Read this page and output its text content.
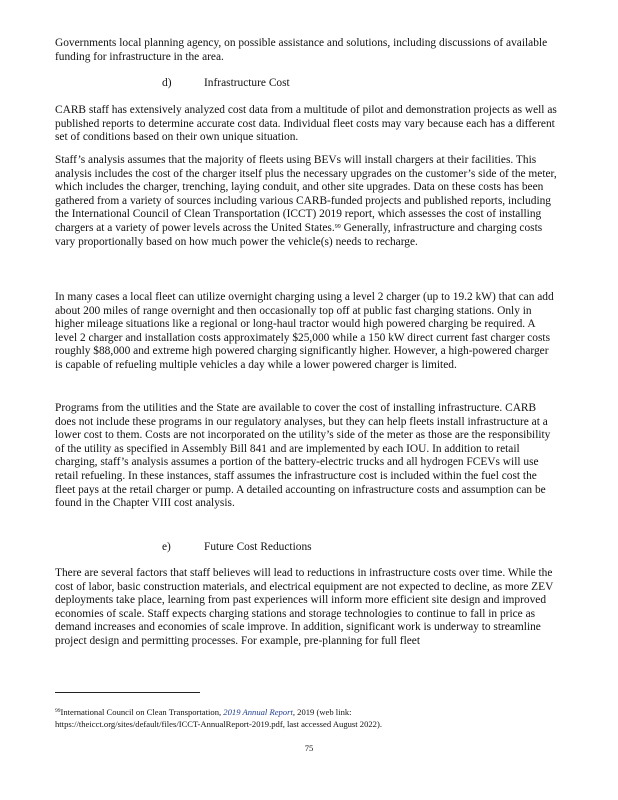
Governments local planning agency, on possible assistance and solutions, including discussions of available funding for infrastructure in the area.

d)	Infrastructure Cost

CARB staff has extensively analyzed cost data from a multitude of pilot and demonstration projects as well as published reports to determine accurate cost data. Individual fleet costs may vary because each has a different set of conditions based on their own unique situation.

Staff’s analysis assumes that the majority of fleets using BEVs will install chargers at their facilities. This analysis includes the cost of the charger itself plus the necessary upgrades on the customer’s side of the meter, which includes the charger, trenching, laying conduit, and other site upgrades. Data on these costs has been gathered from a variety of sources including various CARB-funded projects and published reports, including the International Council of Clean Transportation (ICCT) 2019 report, which assesses the cost of installing chargers at a variety of power levels across the United States.$^{99}$ Generally, infrastructure and charging costs vary proportionally based on how much power the vehicle(s) needs to recharge.

In many cases a local fleet can utilize overnight charging using a level 2 charger (up to 19.2 kW) that can add about 200 miles of range overnight and then occasionally top off at public fast charging stations. Only in higher mileage situations like a regional or long-haul tractor would high powered charging be required. A level 2 charger and installation costs approximately $25,000 while a 150 kW direct current fast charger costs roughly $88,000 and extreme high powered charging significantly higher. However, a high-powered charger is capable of refueling multiple vehicles a day while a lower powered charger is limited.

Programs from the utilities and the State are available to cover the cost of installing infrastructure. CARB does not include these programs in our regulatory analyses, but they can help fleets install infrastructure at a lower cost to them. Costs are not incorporated on the utility’s side of the meter as those are the responsibility of the utility as specified in Assembly Bill 841 and are implemented by each IOU. In addition to retail charging, staff’s analysis assumes a portion of the battery-electric trucks and all hydrogen FCEVs will use retail refueling. In these instances, staff assumes the infrastructure cost is included within the fuel cost the fleet pays at the retail charger or pump. A detailed accounting on infrastructure costs and assumption can be found in the Chapter VIII cost analysis.

e)	Future Cost Reductions

There are several factors that staff believes will lead to reductions in infrastructure costs over time. While the cost of labor, basic construction materials, and electrical equipment are not expected to decline, as more ZEV deployments take place, learning from past experiences will inform more efficient site design and improved economies of scale. Staff expects charging stations and storage technologies to continue to fall in price as demand increases and economies of scale improve. In addition, significant work is underway to streamline project design and permitting processes. For example, pre-planning for full fleet

$^{99}$International Council on Clean Transportation, 2019 Annual Report, 2019 (web link:
https://theicct.org/sites/default/files/ICCT-AnnualReport-2019.pdf, last accessed August 2022).

75
